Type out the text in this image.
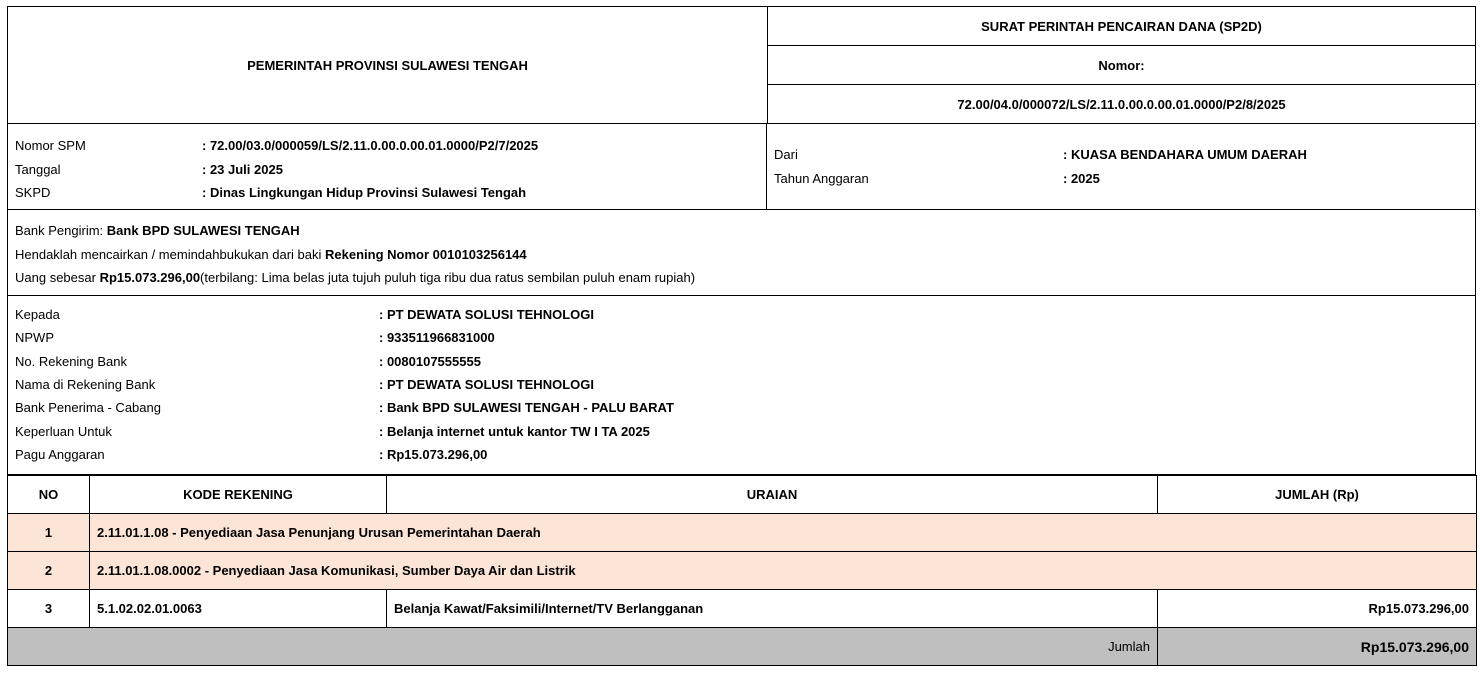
PEMERINTAH PROVINSI SULAWESI TENGAH
SURAT PERINTAH PENCAIRAN DANA (SP2D)
Nomor:
72.00/04.0/000072/LS/2.11.0.00.0.00.01.0000/P2/8/2025
Nomor SPM	: 72.00/03.0/000059/LS/2.11.0.00.0.00.01.0000/P2/7/2025
Tanggal	: 23 Juli 2025
SKPD	: Dinas Lingkungan Hidup Provinsi Sulawesi Tengah
Dari	: KUASA BENDAHARA UMUM DAERAH
Tahun Anggaran	: 2025
Bank Pengirim:
Bank BPD SULAWESI TENGAH
Hendaklah mencairkan / memindahbukukan dari baki
Rekening Nomor 0010103256144
Uang sebesar
Rp15.073.296,00 (terbilang: Lima belas juta tujuh puluh tiga ribu dua ratus sembilan puluh enam rupiah)
Kepada	: PT DEWATA SOLUSI TEHNOLOGI
NPWP	: 933511966831000
No. Rekening Bank	: 0080107555555
Nama di Rekening Bank	: PT DEWATA SOLUSI TEHNOLOGI
Bank Penerima - Cabang	: Bank BPD SULAWESI TENGAH - PALU BARAT
Keperluan Untuk	: Belanja internet untuk kantor TW I TA 2025
Pagu Anggaran	: Rp15.073.296,00
NO	KODE REKENING	URAIAN	JUMLAH (Rp)
1	2.11.01.1.08 - Penyediaan Jasa Penunjang Urusan Pemerintahan Daerah		
2	2.11.01.1.08.0002 - Penyediaan Jasa Komunikasi, Sumber Daya Air dan Listrik		
3	5.1.02.02.01.0063	Belanja Kawat/Faksimili/Internet/TV Berlangganan	Rp15.073.296,00
Jumlah			Rp15.073.296,00
